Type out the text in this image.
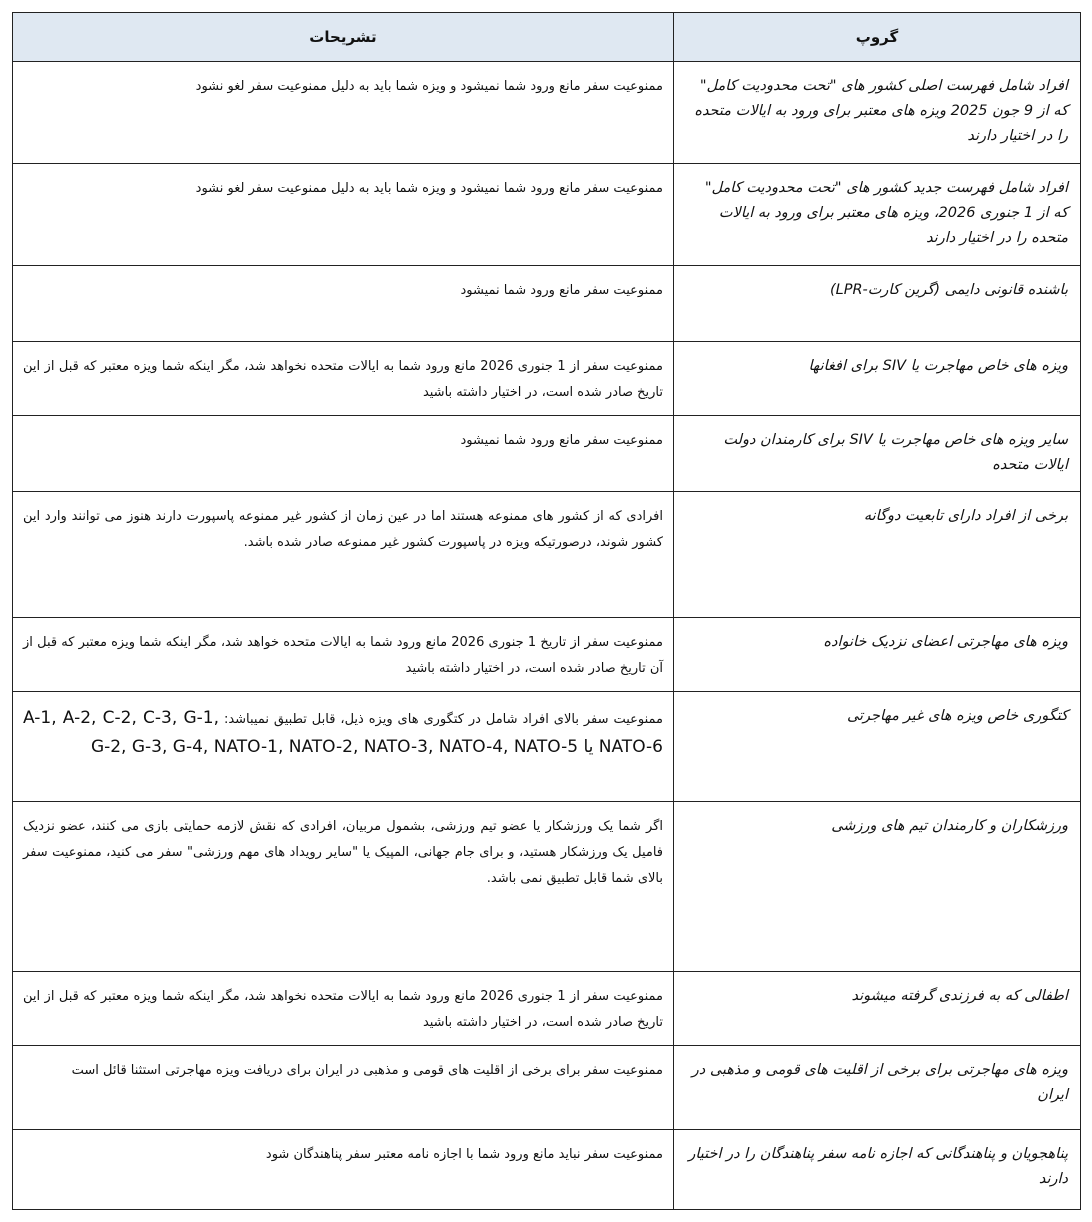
گروپ	تشریحات
افراد شامل فهرست اصلی کشور های "تحت محدودیت کامل" که از 9 جون 2025 ویزه های معتبر برای ورود به ایالات متحده را در اختیار دارند	ممنوعیت سفر مانع ورود شما نمیشود و ویزه شما باید به دلیل ممنوعیت سفر لغو نشود
افراد شامل فهرست جدید کشور های "تحت محدودیت کامل" که از 1 جنوری 2026، ویزه های معتبر برای ورود به ایالات متحده را در اختیار دارند	ممنوعیت سفر مانع ورود شما نمیشود و ویزه شما باید به دلیل ممنوعیت سفر لغو نشود
باشنده قانونی دایمی (گرین کارت-LPR)	ممنوعیت سفر مانع ورود شما نمیشود
ویزه های خاص مهاجرت یا SIV برای افغانها	ممنوعیت سفر از 1 جنوری 2026 مانع ورود شما به ایالات متحده نخواهد شد، مگر اینکه شما ویزه معتبر که قبل از این تاریخ صادر شده است، در اختیار داشته باشید
سایر ویزه های خاص مهاجرت یا SIV برای کارمندان دولت ایالات متحده	ممنوعیت سفر مانع ورود شما نمیشود
برخی از افراد دارای تابعیت دوگانه	افرادی که از کشور های ممنوعه هستند اما در عین زمان از کشور غیر ممنوعه پاسپورت دارند هنوز می توانند وارد این کشور شوند، درصورتیکه ویزه در پاسپورت کشور غیر ممنوعه صادر شده باشد.
ویزه های مهاجرتی اعضای نزدیک خانواده	ممنوعیت سفر از تاریخ 1 جنوری 2026 مانع ورود شما به ایالات متحده خواهد شد، مگر اینکه شما ویزه معتبر که قبل از آن تاریخ صادر شده است، در اختیار داشته باشید
کتگوری خاص ویزه های غیر مهاجرتی	ممنوعیت سفر بالای افراد شامل در کتگوری های ویزه ذیل، قابل تطبیق نمیباشد: A-1, A-2, C-2, C-3, G-1, G-2, G-3, G-4, NATO-1, NATO-2, NATO-3, NATO-4, NATO-5 یا NATO-6
ورزشکاران و کارمندان تیم های ورزشی	اگر شما یک ورزشکار یا عضو تیم ورزشی، بشمول مربیان، افرادی که نقش لازمه حمایتی بازی می کنند، عضو نزدیک فامیل یک ورزشکار هستید، و برای جام جهانی، المپیک یا "سایر رویداد های مهم ورزشی" سفر می کنید، ممنوعیت سفر بالای شما قابل تطبیق نمی باشد.
اطفالی که به فرزندی گرفته میشوند	ممنوعیت سفر از 1 جنوری 2026 مانع ورود شما به ایالات متحده نخواهد شد، مگر اینکه شما ویزه معتبر که قبل از این تاریخ صادر شده است، در اختیار داشته باشید
ویزه های مهاجرتی برای برخی از اقلیت های قومی و مذهبی در ایران	ممنوعیت سفر برای برخی از اقلیت های قومی و مذهبی در ایران برای دریافت ویزه مهاجرتی استثنا قائل است
پناهجویان و پناهندگانی که اجازه نامه سفر پناهندگان را در اختیار دارند	ممنوعیت سفر نباید مانع ورود شما با اجازه نامه معتبر سفر پناهندگان شود
